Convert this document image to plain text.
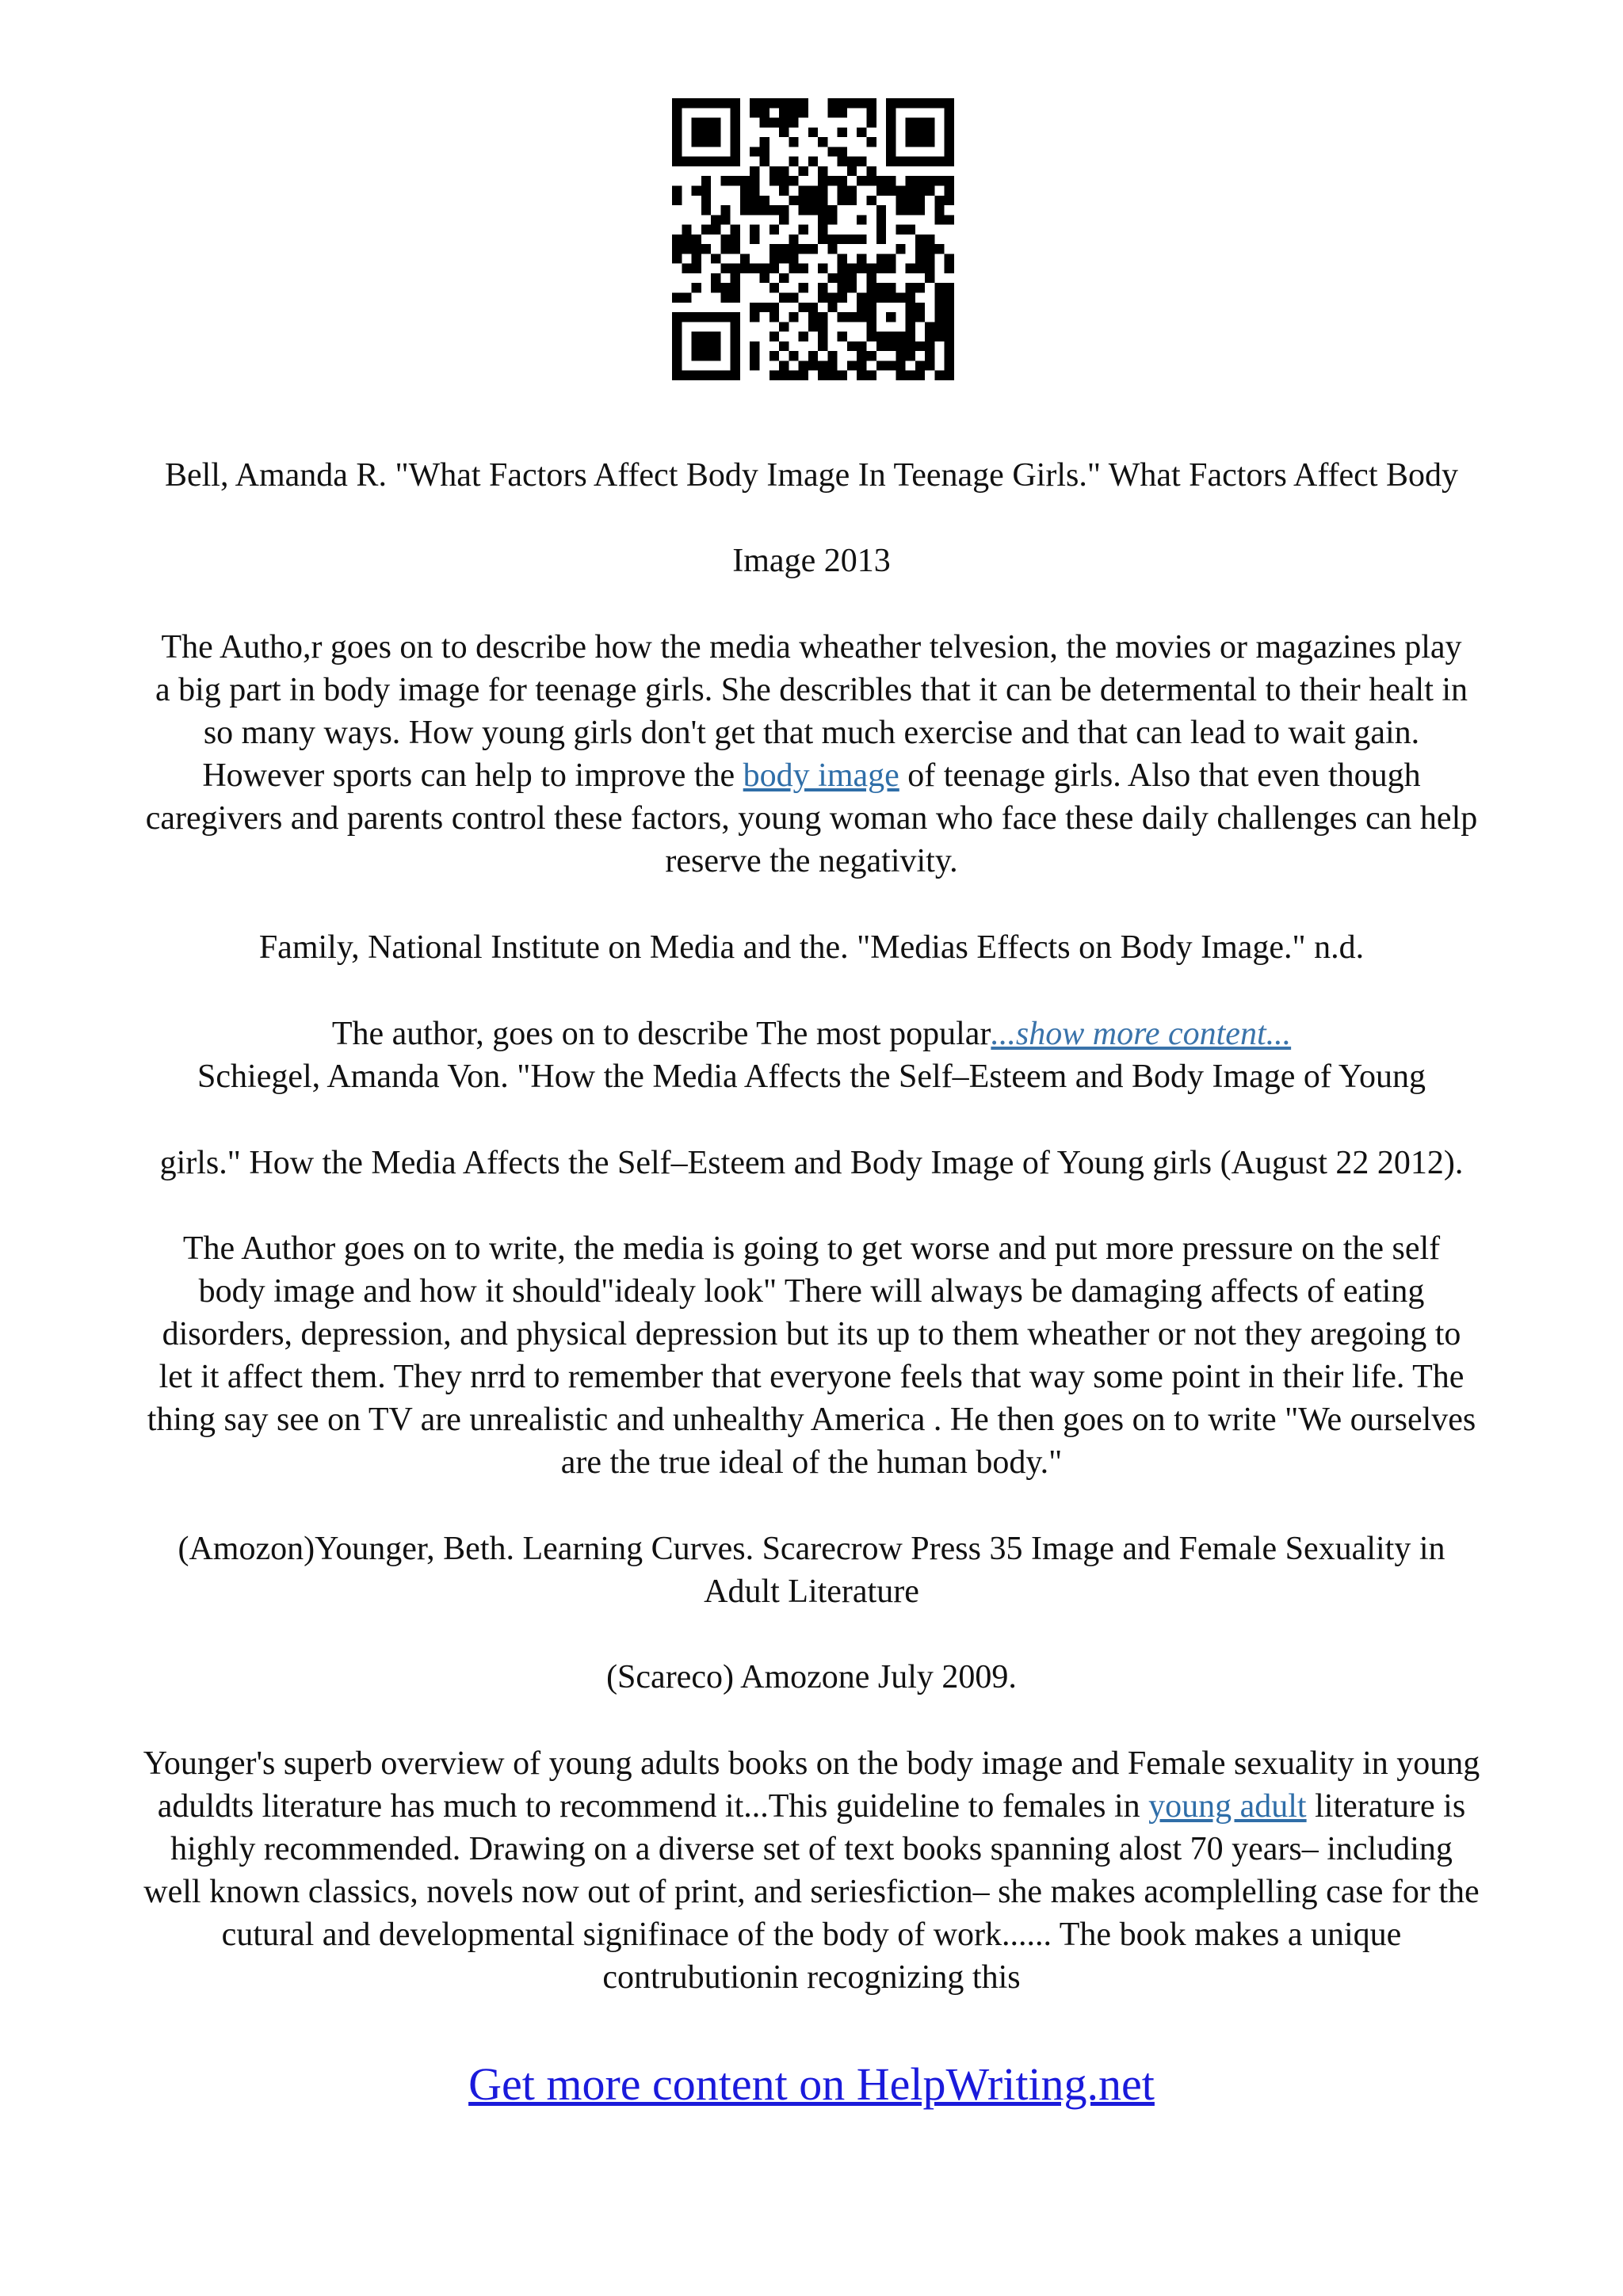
Bell, Amanda R. "What Factors Affect Body Image In Teenage Girls." What Factors Affect Body
Image 2013
The Autho,r goes on to describe how the media wheather telvesion, the movies or magazines play
a big part in body image for teenage girls. She describles that it can be determental to their healt in
so many ways. How young girls don't get that much exercise and that can lead to wait gain.
However sports can help to improve the body image of teenage girls. Also that even though
caregivers and parents control these factors, young woman who face these daily challenges can help
reserve the negativity.
Family, National Institute on Media and the. "Medias Effects on Body Image." n.d.
The author, goes on to describe The most popular...show more content...
Schiegel, Amanda Von. "How the Media Affects the Self–Esteem and Body Image of Young
girls." How the Media Affects the Self–Esteem and Body Image of Young girls (August 22 2012).
The Author goes on to write, the media is going to get worse and put more pressure on the self
body image and how it should"idealy look" There will always be damaging affects of eating
disorders, depression, and physical depression but its up to them wheather or not they aregoing to
let it affect them. They nrrd to remember that everyone feels that way some point in their life. The
thing say see on TV are unrealistic and unhealthy America . He then goes on to write "We ourselves
are the true ideal of the human body."
(Amozon)Younger, Beth. Learning Curves. Scarecrow Press 35 Image and Female Sexuality in
Adult Literature
(Scareco) Amozone July 2009.
Younger's superb overview of young adults books on the body image and Female sexuality in young
aduldts literature has much to recommend it...This guideline to females in young adult literature is
highly recommended. Drawing on a diverse set of text books spanning alost 70 years– including
well known classics, novels now out of print, and seriesfiction– she makes acomplelling case for the
cutural and developmental signifinace of the body of work...... The book makes a unique
contrubutionin recognizing this
Get more content on HelpWriting.net
